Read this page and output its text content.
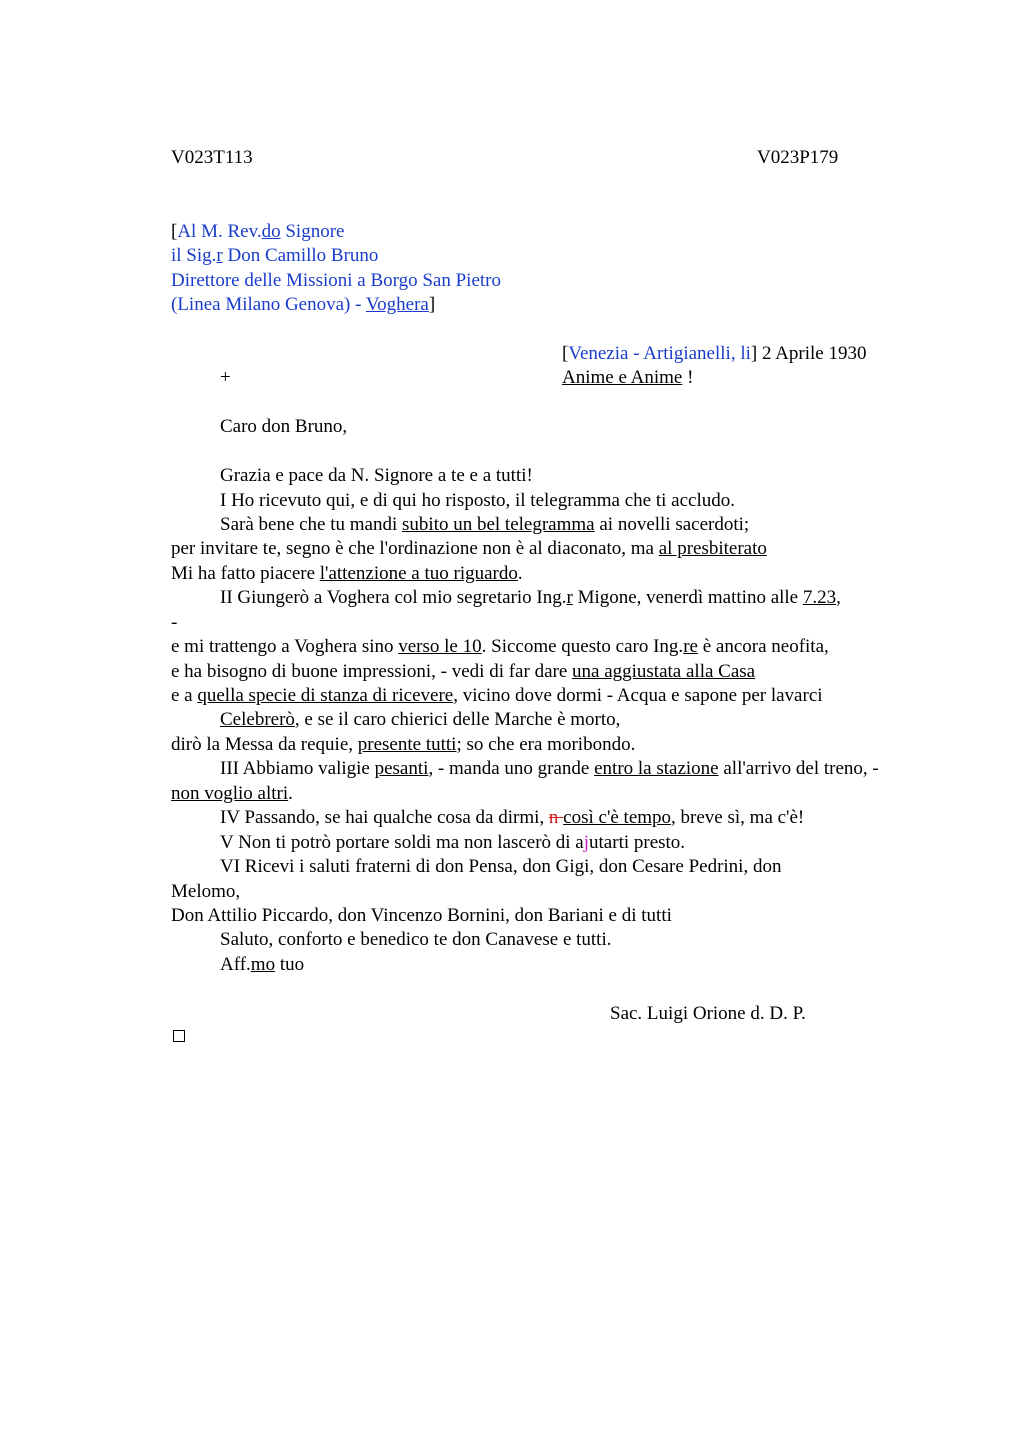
V023T113	V023P179
[Al M. Rev.do Signore
il Sig.r Don Camillo Bruno
Direttore delle Missioni a Borgo San Pietro
(Linea Milano Genova) - Voghera]
[Venezia - Artigianelli, li] 2 Aprile 1930
+	Anime e Anime !
Caro don Bruno,
Grazia e pace da N. Signore a te e a tutti!
I Ho ricevuto qui, e di qui ho risposto, il telegramma che ti accludo.
Sarà bene che tu mandi subito un bel telegramma ai novelli sacerdoti;
per invitare te, segno è che l'ordinazione non è al diaconato, ma al presbiterato
Mi ha fatto piacere l'attenzione a tuo riguardo.
II Giungerò a Voghera col mio segretario Ing.r Migone, venerdì mattino alle 7.23,
-
e mi trattengo a Voghera sino verso le 10. Siccome questo caro Ing.re è ancora neofita,
e ha bisogno di buone impressioni, - vedi di far dare una aggiustata alla Casa
e a quella specie di stanza di ricevere, vicino dove dormi - Acqua e sapone per lavarci
Celebrerò, e se il caro chierici delle Marche è morto,
dirò la Messa da requie, presente tutti; so che era moribondo.
III Abbiamo valigie pesanti, - manda uno grande entro la stazione all'arrivo del treno, -
non voglio altri.
IV Passando, se hai qualche cosa da dirmi, n così c'è tempo, breve sì, ma c'è!
V Non ti potrò portare soldi ma non lascerò di ajutarti presto.
VI Ricevi i saluti fraterni di don Pensa, don Gigi, don Cesare Pedrini, don
Melomo,
Don Attilio Piccardo, don Vincenzo Bornini, don Bariani e di tutti
Saluto, conforto e benedico te don Canavese e tutti.
Aff.mo tuo
Sac. Luigi Orione d. D. P.
